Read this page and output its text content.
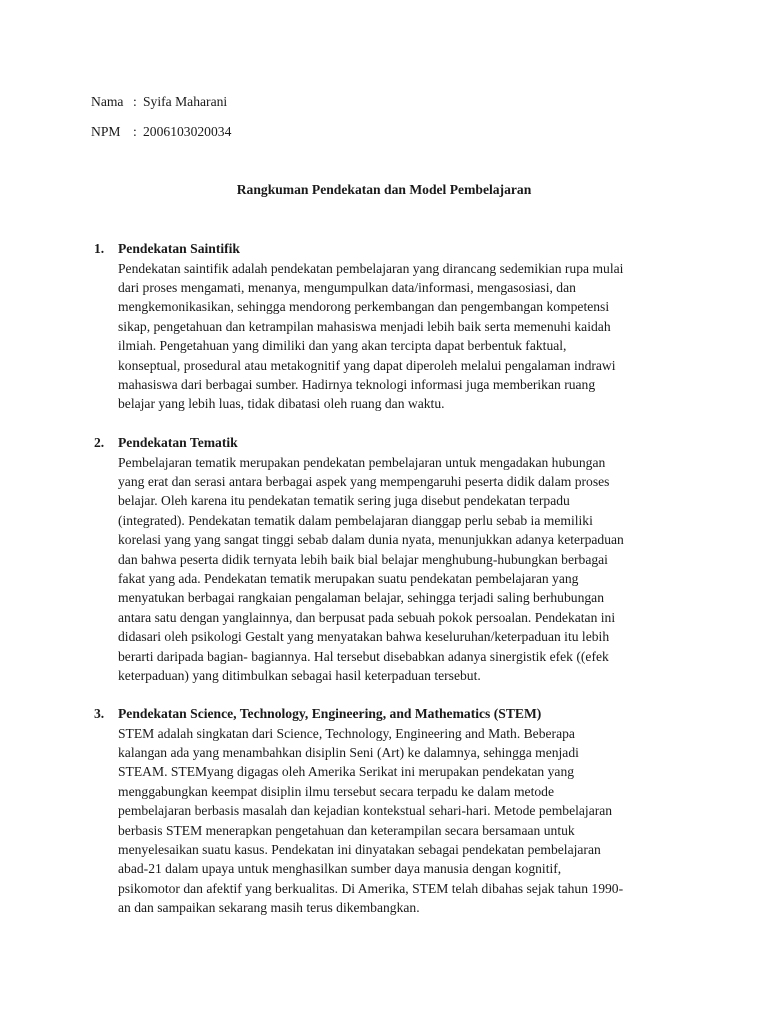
Nama : Syifa Maharani
NPM : 2006103020034
Rangkuman Pendekatan dan Model Pembelajaran
1. Pendekatan Saintifik
Pendekatan saintifik adalah pendekatan pembelajaran yang dirancang sedemikian rupa mulai
dari proses mengamati, menanya, mengumpulkan data/informasi, mengasosiasi, dan
mengkemonikasikan, sehingga mendorong perkembangan dan pengembangan kompetensi
sikap, pengetahuan dan ketrampilan mahasiswa menjadi lebih baik serta memenuhi kaidah
ilmiah. Pengetahuan yang dimiliki dan yang akan tercipta dapat berbentuk faktual,
konseptual, prosedural atau metakognitif yang dapat diperoleh melalui pengalaman indrawi
mahasiswa dari berbagai sumber. Hadirnya teknologi informasi juga memberikan ruang
belajar yang lebih luas, tidak dibatasi oleh ruang dan waktu.
2. Pendekatan Tematik
Pembelajaran tematik merupakan pendekatan pembelajaran untuk mengadakan hubungan
yang erat dan serasi antara berbagai aspek yang mempengaruhi peserta didik dalam proses
belajar. Oleh karena itu pendekatan tematik sering juga disebut pendekatan terpadu
(integrated). Pendekatan tematik dalam pembelajaran dianggap perlu sebab ia memiliki
korelasi yang yang sangat tinggi sebab dalam dunia nyata, menunjukkan adanya keterpaduan
dan bahwa peserta didik ternyata lebih baik bial belajar menghubung-hubungkan berbagai
fakat yang ada. Pendekatan tematik merupakan suatu pendekatan pembelajaran yang
menyatukan berbagai rangkaian pengalaman belajar, sehingga terjadi saling berhubungan
antara satu dengan yanglainnya, dan berpusat pada sebuah pokok persoalan. Pendekatan ini
didasari oleh psikologi Gestalt yang menyatakan bahwa keseluruhan/keterpaduan itu lebih
berarti daripada bagian- bagiannya. Hal tersebut disebabkan adanya sinergistik efek ((efek
keterpaduan) yang ditimbulkan sebagai hasil keterpaduan tersebut.
3. Pendekatan Science, Technology, Engineering, and Mathematics (STEM)
STEM adalah singkatan dari Science, Technology, Engineering and Math. Beberapa
kalangan ada yang menambahkan disiplin Seni (Art) ke dalamnya, sehingga menjadi
STEAM. STEMyang digagas oleh Amerika Serikat ini merupakan pendekatan yang
menggabungkan keempat disiplin ilmu tersebut secara terpadu ke dalam metode
pembelajaran berbasis masalah dan kejadian kontekstual sehari-hari. Metode pembelajaran
berbasis STEM menerapkan pengetahuan dan keterampilan secara bersamaan untuk
menyelesaikan suatu kasus. Pendekatan ini dinyatakan sebagai pendekatan pembelajaran
abad-21 dalam upaya untuk menghasilkan sumber daya manusia dengan kognitif,
psikomotor dan afektif yang berkualitas. Di Amerika, STEM telah dibahas sejak tahun 1990-
an dan sampaikan sekarang masih terus dikembangkan.
